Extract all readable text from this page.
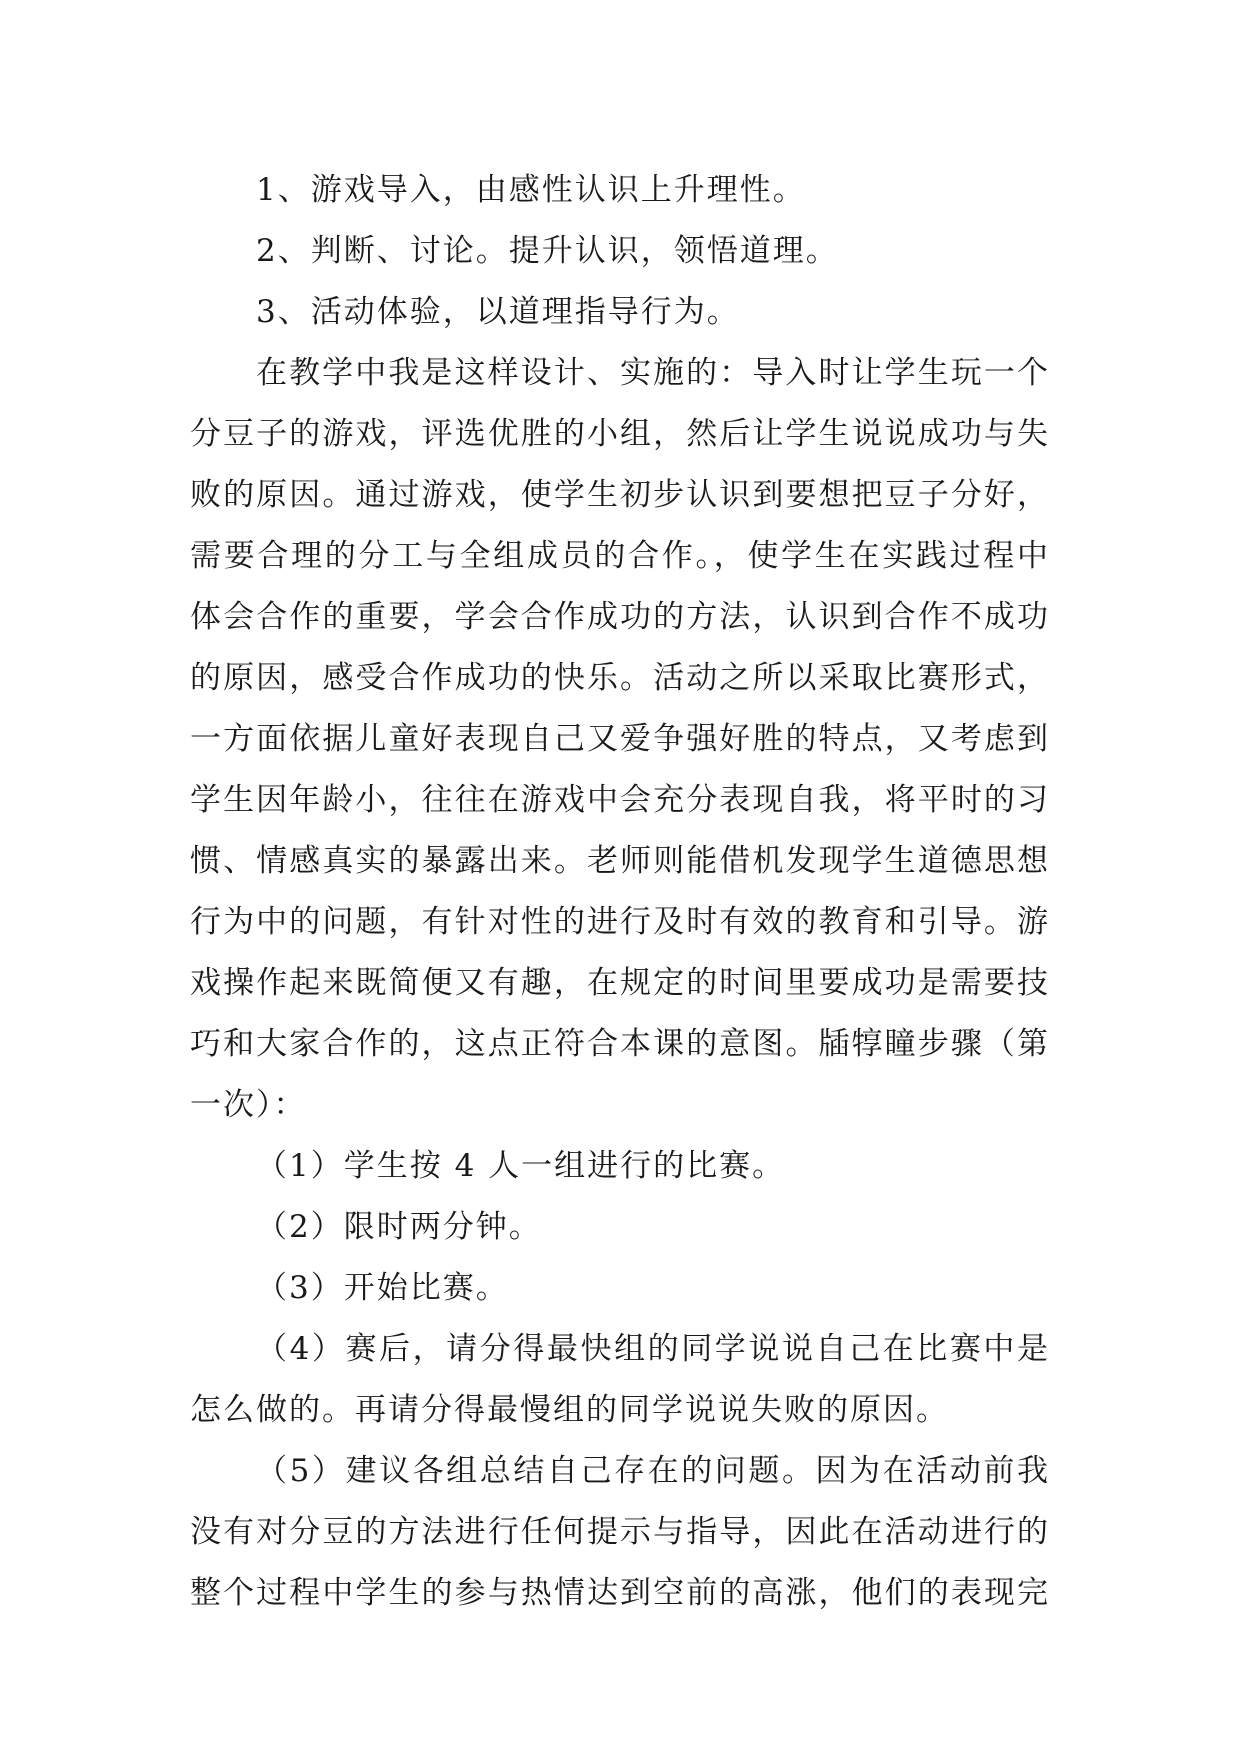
1、游戏导入，由感性认识上升理性。
2、判断、讨论。提升认识，领悟道理。
3、活动体验，以道理指导行为。
在教学中我是这样设计、实施的：导入时让学生玩一个
分豆子的游戏，评选优胜的小组，然后让学生说说成功与失
败的原因。通过游戏，使学生初步认识到要想把豆子分好，
需要合理的分工与全组成员的合作。，使学生在实践过程中
体会合作的重要，学会合作成功的方法，认识到合作不成功
的原因，感受合作成功的快乐。活动之所以采取比赛形式，
一方面依据儿童好表现自己又爱争强好胜的特点，又考虑到
学生因年龄小，往往在游戏中会充分表现自我，将平时的习
惯、情感真实的暴露出来。老师则能借机发现学生道德思想
行为中的问题，有针对性的进行及时有效的教育和引导。游
戏操作起来既简便又有趣，在规定的时间里要成功是需要技
巧和大家合作的，这点正符合本课的意图。牐犉瞳步骤（第
一次）：
（1）学生按 4 人一组进行的比赛。
（2）限时两分钟。
（3）开始比赛。
（4）赛后，请分得最快组的同学说说自己在比赛中是
怎么做的。再请分得最慢组的同学说说失败的原因。
（5）建议各组总结自己存在的问题。因为在活动前我
没有对分豆的方法进行任何提示与指导，因此在活动进行的
整个过程中学生的参与热情达到空前的高涨，他们的表现完
